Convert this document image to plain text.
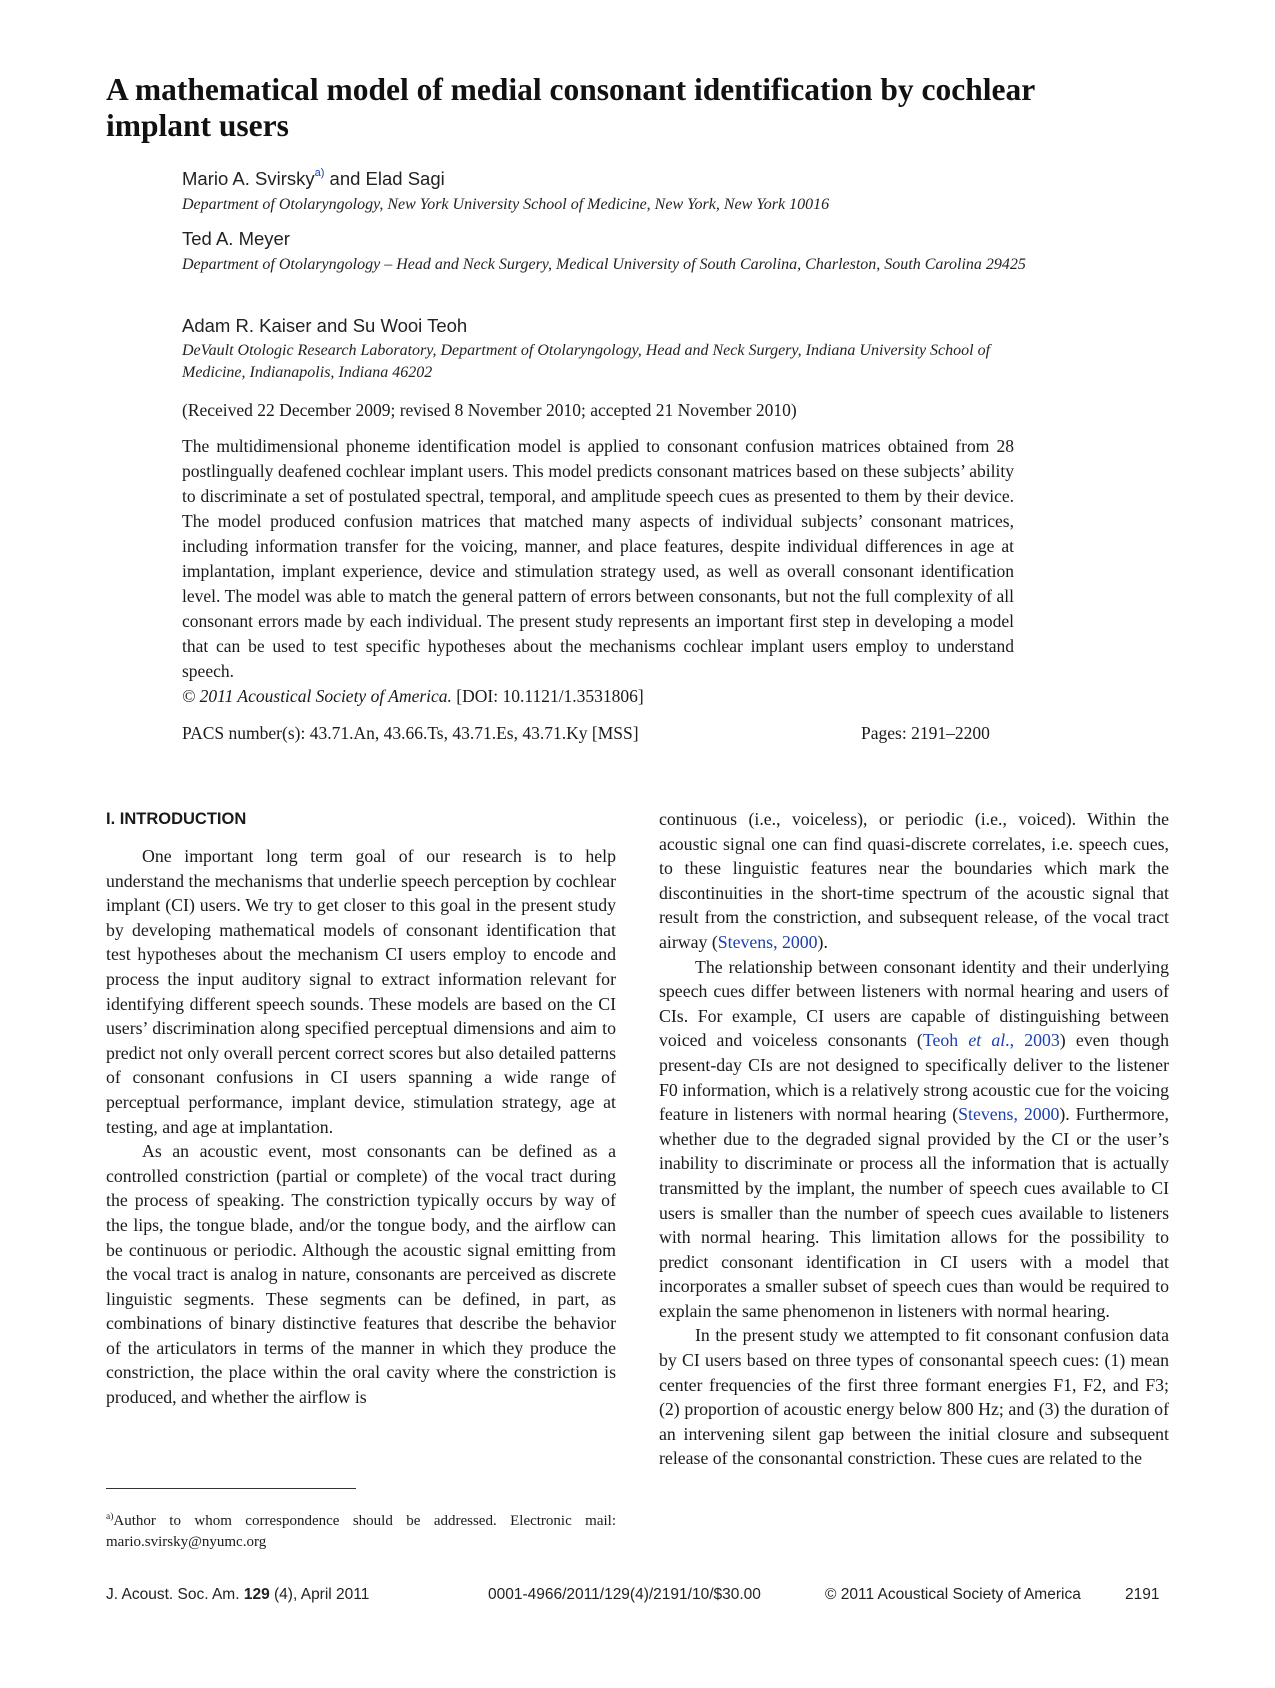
A mathematical model of medial consonant identification by cochlear implant users
Mario A. Svirsky$^{a)}$ and Elad Sagi
Department of Otolaryngology, New York University School of Medicine, New York, New York 10016
Ted A. Meyer
Department of Otolaryngology – Head and Neck Surgery, Medical University of South Carolina, Charleston, South Carolina 29425
Adam R. Kaiser and Su Wooi Teoh
DeVault Otologic Research Laboratory, Department of Otolaryngology, Head and Neck Surgery, Indiana University School of Medicine, Indianapolis, Indiana 46202
(Received 22 December 2009; revised 8 November 2010; accepted 21 November 2010)

The multidimensional phoneme identification model is applied to consonant confusion matrices obtained from 28 postlingually deafened cochlear implant users. This model predicts consonant matrices based on these subjects’ ability to discriminate a set of postulated spectral, temporal, and amplitude speech cues as presented to them by their device. The model produced confusion matrices that matched many aspects of individual subjects’ consonant matrices, including information transfer for the voicing, manner, and place features, despite individual differences in age at implantation, implant experience, device and stimulation strategy used, as well as overall consonant identification level. The model was able to match the general pattern of errors between consonants, but not the full complexity of all consonant errors made by each individual. The present study represents an important first step in developing a model that can be used to test specific hypotheses about the mechanisms cochlear implant users employ to understand speech.

© 2011 Acoustical Society of America. [DOI: 10.1121/1.3531806]
PACS number(s): 43.71.An, 43.66.Ts, 43.71.Es, 43.71.Ky [MSS]	Pages: 2191–2200
I. INTRODUCTION

One important long term goal of our research is to help understand the mechanisms that underlie speech perception by cochlear implant (CI) users. We try to get closer to this goal in the present study by developing mathematical models of consonant identification that test hypotheses about the mechanism CI users employ to encode and process the input auditory signal to extract information relevant for identifying different speech sounds. These models are based on the CI users’ discrimination along specified perceptual dimensions and aim to predict not only overall percent correct scores but also detailed patterns of consonant confusions in CI users spanning a wide range of perceptual performance, implant device, stimulation strategy, age at testing, and age at implantation.

As an acoustic event, most consonants can be defined as a controlled constriction (partial or complete) of the vocal tract during the process of speaking. The constriction typically occurs by way of the lips, the tongue blade, and/or the tongue body, and the airflow can be continuous or periodic. Although the acoustic signal emitting from the vocal tract is analog in nature, consonants are perceived as discrete linguistic segments. These segments can be defined, in part, as combinations of binary distinctive features that describe the behavior of the articulators in terms of the manner in which they produce the constriction, the place within the oral cavity where the constriction is produced, and whether the airflow is

continuous (i.e., voiceless), or periodic (i.e., voiced). Within the acoustic signal one can find quasi-discrete correlates, i.e. speech cues, to these linguistic features near the boundaries which mark the discontinuities in the short-time spectrum of the acoustic signal that result from the constriction, and subsequent release, of the vocal tract airway (Stevens, 2000).

The relationship between consonant identity and their underlying speech cues differ between listeners with normal hearing and users of CIs. For example, CI users are capable of distinguishing between voiced and voiceless consonants (Teoh et al., 2003) even though present-day CIs are not designed to specifically deliver to the listener F0 information, which is a relatively strong acoustic cue for the voicing feature in listeners with normal hearing (Stevens, 2000). Furthermore, whether due to the degraded signal provided by the CI or the user’s inability to discriminate or process all the information that is actually transmitted by the implant, the number of speech cues available to CI users is smaller than the number of speech cues available to listeners with normal hearing. This limitation allows for the possibility to predict consonant identification in CI users with a model that incorporates a smaller subset of speech cues than would be required to explain the same phenomenon in listeners with normal hearing.

In the present study we attempted to fit consonant confusion data by CI users based on three types of consonantal speech cues: (1) mean center frequencies of the first three formant energies F1, F2, and F3; (2) proportion of acoustic energy below 800 Hz; and (3) the duration of an intervening silent gap between the initial closure and subsequent release of the consonantal constriction. These cues are related to the

$^{a)}$Author to whom correspondence should be addressed. Electronic mail: mario.svirsky@nyumc.org

J. Acoust. Soc. Am. 129 (4), April 2011	0001-4966/2011/129(4)/2191/10/$30.00	© 2011 Acoustical Society of America	2191
